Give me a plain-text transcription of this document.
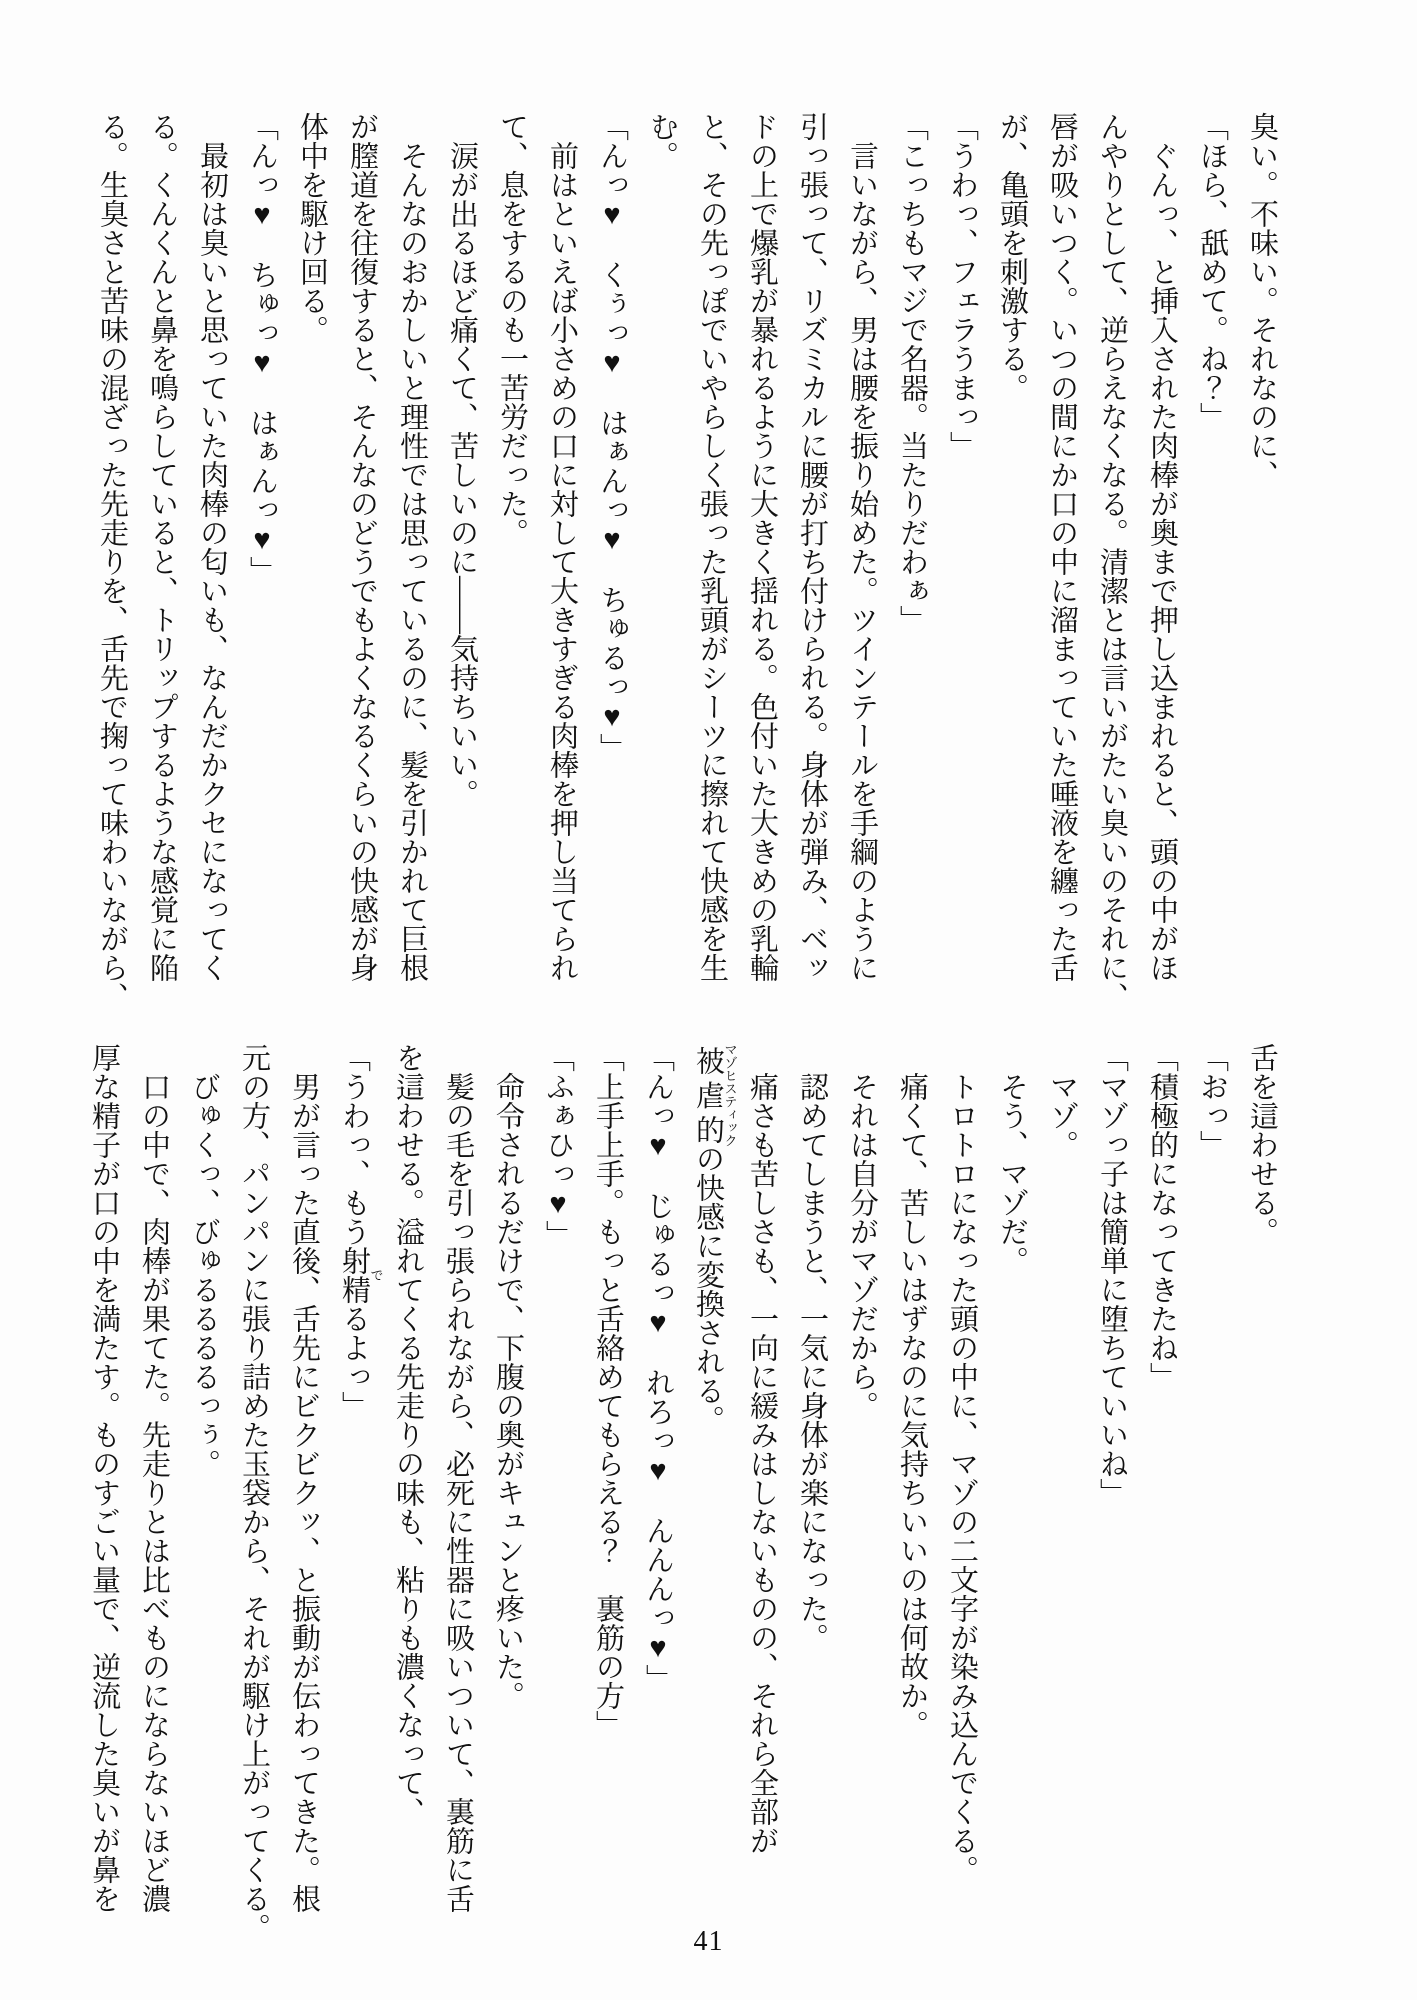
臭い。不味い。それなのに、

「ほら、舐めて。ね？」

ぐんっ、と挿入された肉棒が奥まで押し込まれると、頭の中がほ

んやりとして、逆らえなくなる。清潔とは言いがたい臭いのそれに、

唇が吸いつく。いつの間にか口の中に溜まっていた唾液を纏った舌

が、亀頭を刺激する。

「うわっ、フェラうまっ」

「こっちもマジで名器。当たりだわぁ」

言いながら、男は腰を振り始めた。ツインテールを手綱のように

引っ張って、リズミカルに腰が打ち付けられる。身体が弾み、ベッ

ドの上で爆乳が暴れるように大きく揺れる。色付いた大きめの乳輪

と、その先っぽでいやらしく張った乳頭がシーツに擦れて快感を生

む。

「んっ♥　くぅっ♥　はぁんっ♥　ちゅるっ♥」

前はといえば小さめの口に対して大きすぎる肉棒を押し当てられ

て、息をするのも一苦労だった。

涙が出るほど痛くて、苦しいのに――気持ちいい。

そんなのおかしいと理性では思っているのに、髪を引かれて巨根

が膣道を往復すると、そんなのどうでもよくなるくらいの快感が身

体中を駆け回る。

「んっ♥　ちゅっ♥　はぁんっ♥」

最初は臭いと思っていた肉棒の匂いも、なんだかクセになってく

る。くんくんと鼻を鳴らしていると、トリップするような感覚に陥

る。生臭さと苦味の混ざった先走りを、舌先で掬って味わいながら、

舌を這わせる。

「おっ」

「積極的になってきたね」

「マゾっ子は簡単に堕ちていいね」

マゾ。

そう、マゾだ。

トロトロになった頭の中に、マゾの二文字が染み込んでくる。

痛くて、苦しいはずなのに気持ちいいのは何故か。

それは自分がマゾだから。

認めてしまうと、一気に身体が楽になった。

痛さも苦しさも、一向に緩みはしないものの、それら全部が

被虐的マゾヒスティックの快感に変換される。

「んっ♥　じゅるっ♥　れろっ♥　んんんっ♥」

「上手上手。もっと舌絡めてもらえる？　裏筋の方」

「ふぁひっ♥」

命令されるだけで、下腹の奥がキュンと疼いた。

髪の毛を引っ張られながら、必死に性器に吸いついて、裏筋に舌

を這わせる。溢れてくる先走りの味も、粘りも濃くなって、

「うわっ、もう射精でるよっ」

男が言った直後、舌先にビクビクッ、と振動が伝わってきた。根

元の方、パンパンに張り詰めた玉袋から、それが駆け上がってくる。

びゅくっ、びゅるるるるっぅ。

口の中で、肉棒が果てた。先走りとは比べものにならないほど濃

厚な精子が口の中を満たす。ものすごい量で、逆流した臭いが鼻を

41
